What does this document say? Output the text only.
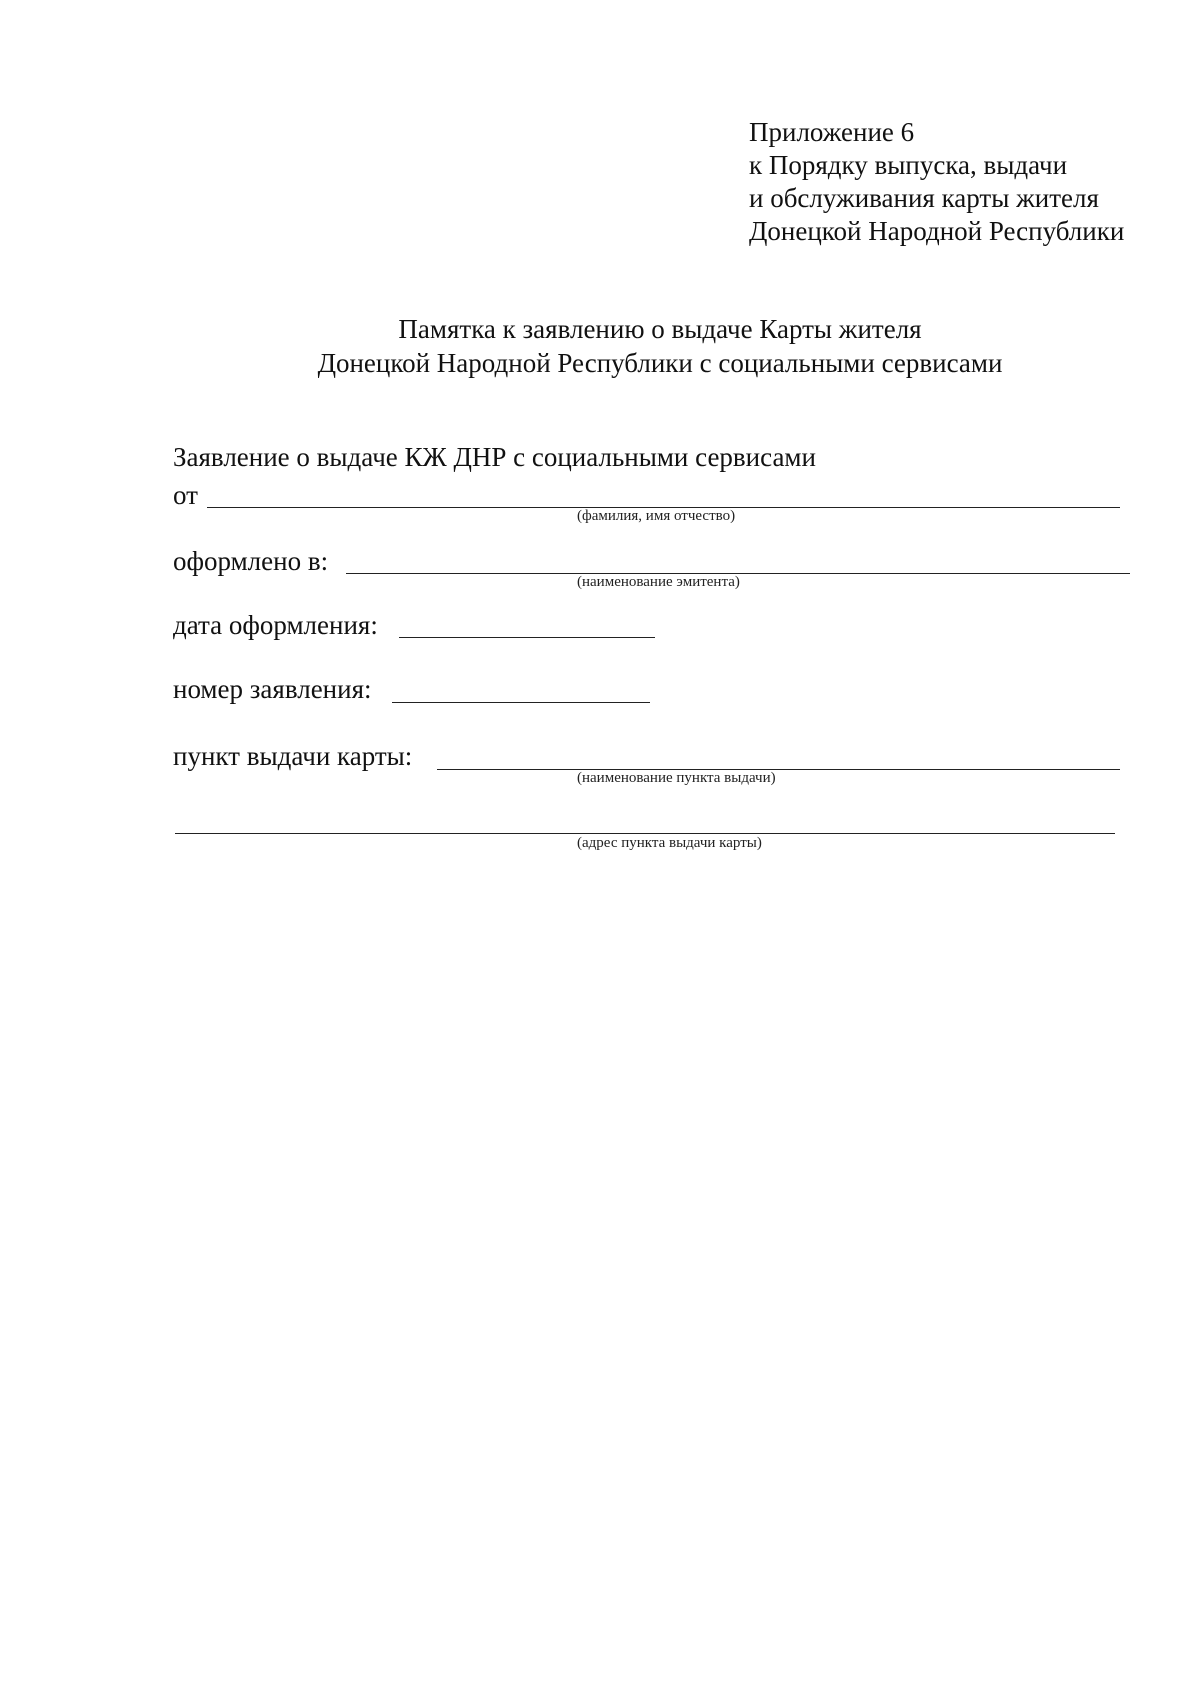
Приложение 6
к Порядку выпуска, выдачи
и обслуживания карты жителя
Донецкой Народной Республики
Памятка к заявлению о выдаче Карты жителя
Донецкой Народной Республики с социальными сервисами
Заявление о выдаче КЖ ДНР с социальными сервисами
от
(фамилия, имя отчество)
оформлено в:
(наименование эмитента)
дата оформления:
номер заявления:
пункт выдачи карты:
(наименование пункта выдачи)
(адрес пункта выдачи карты)
